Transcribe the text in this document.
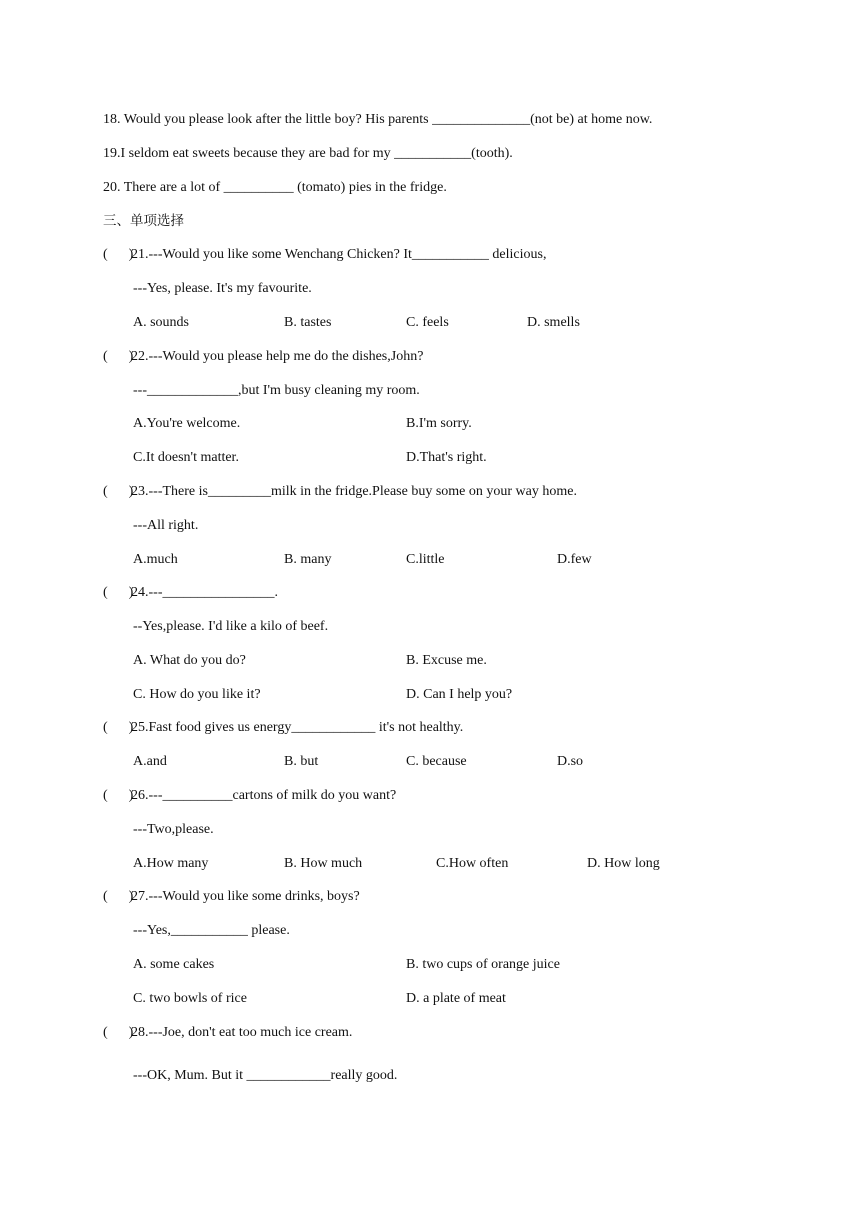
18. Would you please look after the little boy? His parents ______________(not be) at home now.
19.I seldom eat sweets because they are bad for my ___________(tooth).
20. There are a lot of __________ (tomato) pies in the fridge.
三、单项选择
(      )
21.---Would you like some Wenchang Chicken? It___________ delicious,
---Yes, please. It's my favourite.
A. sounds	B. tastes	C. feels	D. smells
(      )
22.---Would you please help me do the dishes,John?
---_____________,but I'm busy cleaning my room.
A.You're welcome.	B.I'm sorry.
C.It doesn't matter.	D.That's right.
(      )
23.---There is_________milk in the fridge.Please buy some on your way home.
---All right.
A.much	B. many	C.little	D.few
(      )
24.---________________.
--Yes,please. I'd like a kilo of beef.
A. What do you do?	B. Excuse me.
C. How do you like it?	D. Can I help you?
(      )
25.Fast food gives us energy____________ it's not healthy.
A.and	B. but	C. because	D.so
(      )
26.---__________cartons of milk do you want?
---Two,please.
A.How many	B. How much	C.How often	D. How long
(      )
27.---Would you like some drinks, boys?
---Yes,___________ please.
A. some cakes	B. two cups of orange juice
C. two bowls of rice	D. a plate of meat
(      )
28.---Joe, don't eat too much ice cream.
---OK, Mum. But it ____________really good.
